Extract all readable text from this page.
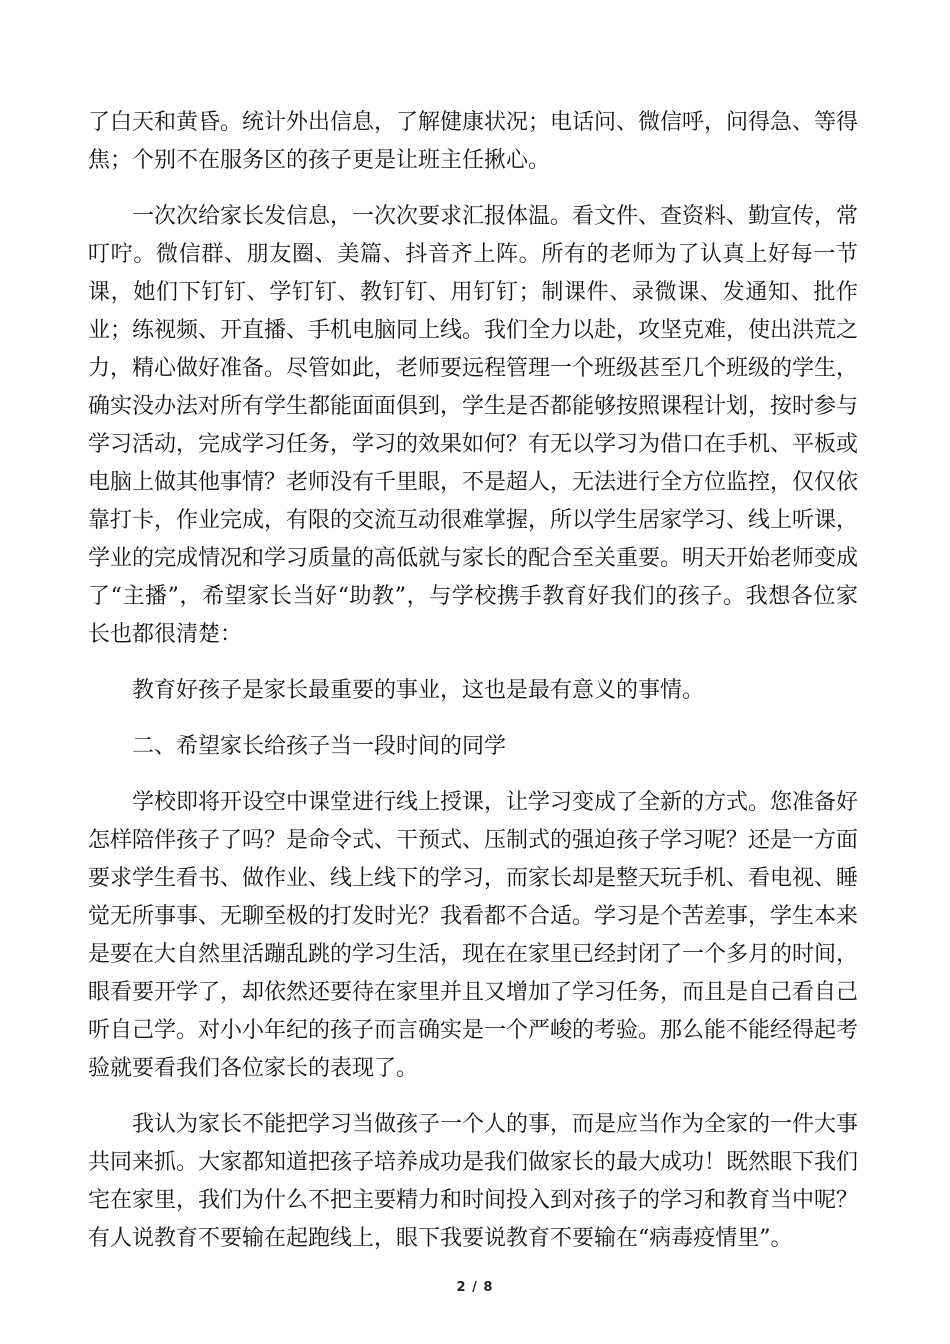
了白天和黄昏。统计外出信息，了解健康状况；电话问、微信呼，问得急、等得焦；个别不在服务区的孩子更是让班主任揪心。

一次次给家长发信息，一次次要求汇报体温。看文件、查资料、勤宣传，常叮咛。微信群、朋友圈、美篇、抖音齐上阵。所有的老师为了认真上好每一节课，她们下钉钉、学钉钉、教钉钉、用钉钉；制课件、录微课、发通知、批作业；练视频、开直播、手机电脑同上线。我们全力以赴，攻坚克难，使出洪荒之力，精心做好准备。尽管如此，老师要远程管理一个班级甚至几个班级的学生，确实没办法对所有学生都能面面俱到，学生是否都能够按照课程计划，按时参与学习活动，完成学习任务，学习的效果如何？有无以学习为借口在手机、平板或电脑上做其他事情？老师没有千里眼，不是超人，无法进行全方位监控，仅仅依靠打卡，作业完成，有限的交流互动很难掌握，所以学生居家学习、线上听课，学业的完成情况和学习质量的高低就与家长的配合至关重要。明天开始老师变成了“主播”，希望家长当好“助教”，与学校携手教育好我们的孩子。我想各位家长也都很清楚：

教育好孩子是家长最重要的事业，这也是最有意义的事情。

二、希望家长给孩子当一段时间的同学

学校即将开设空中课堂进行线上授课，让学习变成了全新的方式。您准备好怎样陪伴孩子了吗？是命令式、干预式、压制式的强迫孩子学习呢？还是一方面要求学生看书、做作业、线上线下的学习，而家长却是整天玩手机、看电视、睡觉无所事事、无聊至极的打发时光？我看都不合适。学习是个苦差事，学生本来是要在大自然里活蹦乱跳的学习生活，现在在家里已经封闭了一个多月的时间，眼看要开学了，却依然还要待在家里并且又增加了学习任务，而且是自己看自己听自己学。对小小年纪的孩子而言确实是一个严峻的考验。那么能不能经得起考验就要看我们各位家长的表现了。

我认为家长不能把学习当做孩子一个人的事，而是应当作为全家的一件大事共同来抓。大家都知道把孩子培养成功是我们做家长的最大成功！既然眼下我们宅在家里，我们为什么不把主要精力和时间投入到对孩子的学习和教育当中呢？有人说教育不要输在起跑线上，眼下我要说教育不要输在“病毒疫情里”。

2 / 8
